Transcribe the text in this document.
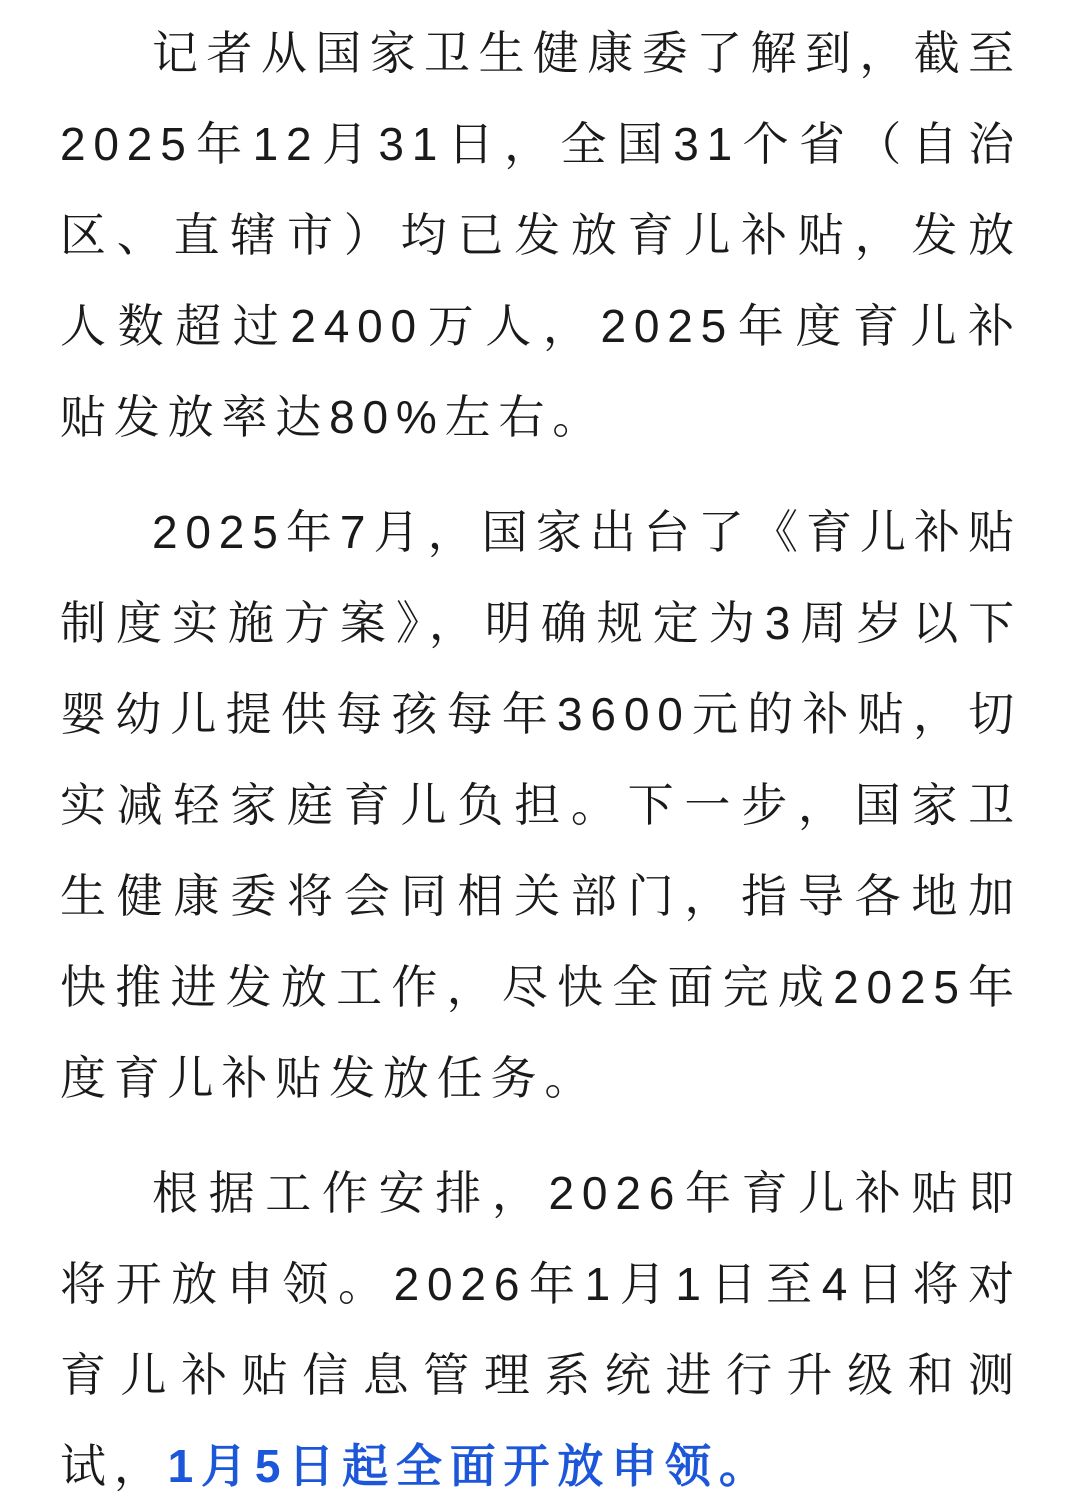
记者从国家卫生健康委了解到，截至2025年12月31日，全国31个省（自治区、直辖市）均已发放育儿补贴，发放人数超过2400万人，2025年度育儿补贴发放率达80%左右。

2025年7月，国家出台了《育儿补贴制度实施方案》，明确规定为3周岁以下婴幼儿提供每孩每年3600元的补贴，切实减轻家庭育儿负担。下一步，国家卫生健康委将会同相关部门，指导各地加快推进发放工作，尽快全面完成2025年度育儿补贴发放任务。

根据工作安排，2026年育儿补贴即将开放申领。2026年1月1日至4日将对育儿补贴信息管理系统进行升级和测试，1月5日起全面开放申领。
